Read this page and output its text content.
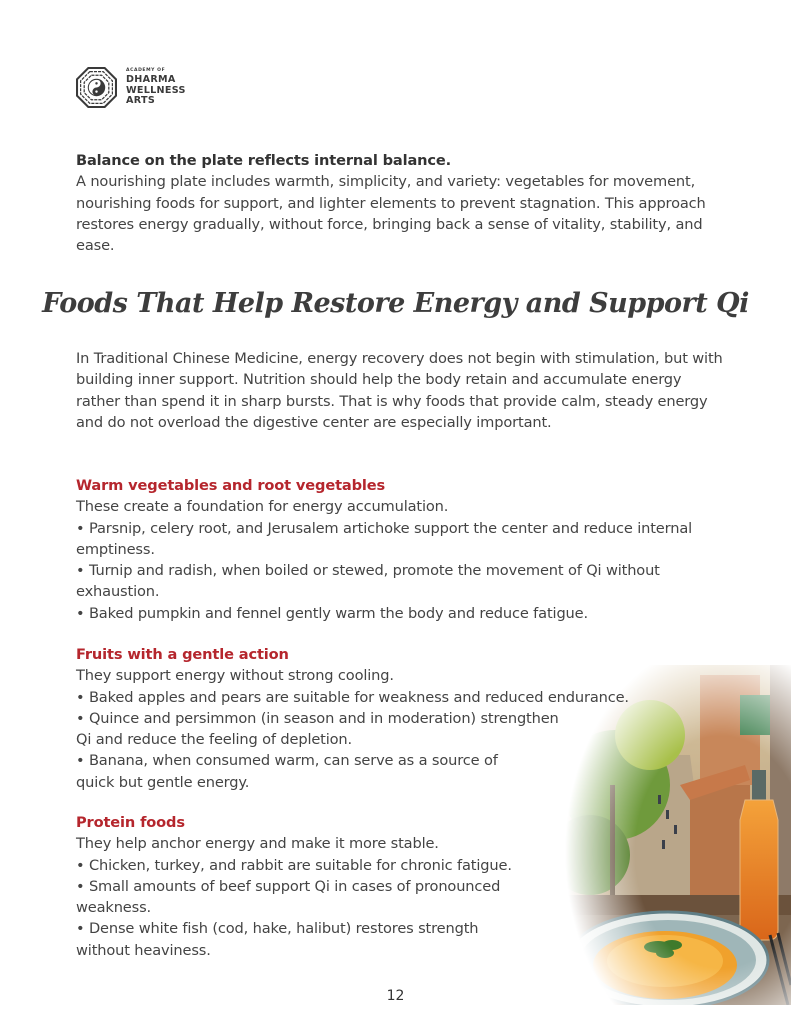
ACADEMY OF
DHARMA
WELLNESS
ARTS

Balance on the plate reflects internal balance.

A nourishing plate includes warmth, simplicity, and variety: vegetables for movement, nourishing foods for support, and lighter elements to prevent stagnation. This approach restores energy gradually, without force, bringing back a sense of vitality, stability, and ease.

Foods That Help Restore Energy and Support Qi

In Traditional Chinese Medicine, energy recovery does not begin with stimulation, but with building inner support. Nutrition should help the body retain and accumulate energy rather than spend it in sharp bursts. That is why foods that provide calm, steady energy and do not overload the digestive center are especially important.

Warm vegetables and root vegetables

These create a foundation for energy accumulation.

• Parsnip, celery root, and Jerusalem artichoke support the center and reduce internal emptiness.

• Turnip and radish, when boiled or stewed, promote the movement of Qi without exhaustion.

• Baked pumpkin and fennel gently warm the body and reduce fatigue.

Fruits with a gentle action

They support energy without strong cooling.

• Baked apples and pears are suitable for weakness and reduced endurance.

• Quince and persimmon (in season and in moderation) strengthen

Qi and reduce the feeling of depletion.

• Banana, when consumed warm, can serve as a source of

quick but gentle energy.

Protein foods

They help anchor energy and make it more stable.

• Chicken, turkey, and rabbit are suitable for chronic fatigue.

• Small amounts of beef support Qi in cases of pronounced

weakness.

• Dense white fish (cod, hake, halibut) restores strength

without heaviness.

12
